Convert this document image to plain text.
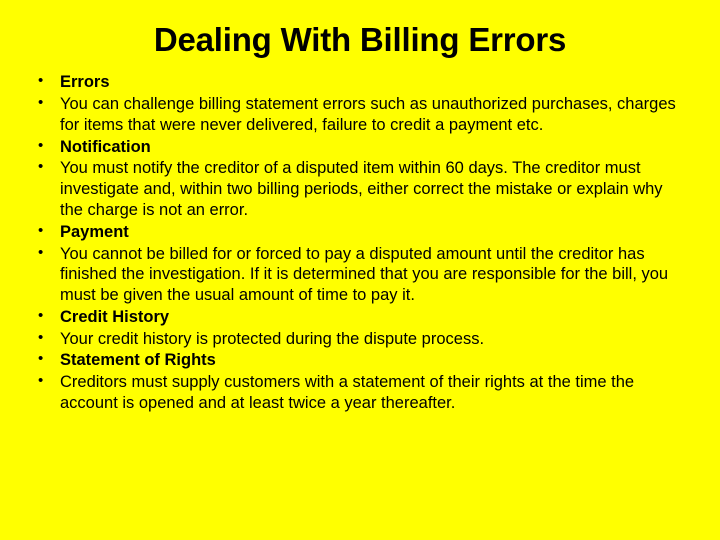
Dealing With Billing Errors
•	Errors
•	You can challenge billing statement errors such as unauthorized purchases, charges for items that were never delivered, failure to credit a payment etc.
•	Notification
•	You must notify the creditor of a disputed item within 60 days. The creditor must investigate and, within two billing periods, either correct the mistake or explain why the charge is not an error.
•	Payment
•	You cannot be billed for or forced to pay a disputed amount until the creditor has finished the investigation. If it is determined that you are responsible for the bill, you must be given the usual amount of time to pay it.
•	Credit History
•	Your credit history is protected during the dispute process.
•	Statement of Rights
•	Creditors must supply customers with a statement of their rights at the time the account is opened and at least twice a year thereafter.
